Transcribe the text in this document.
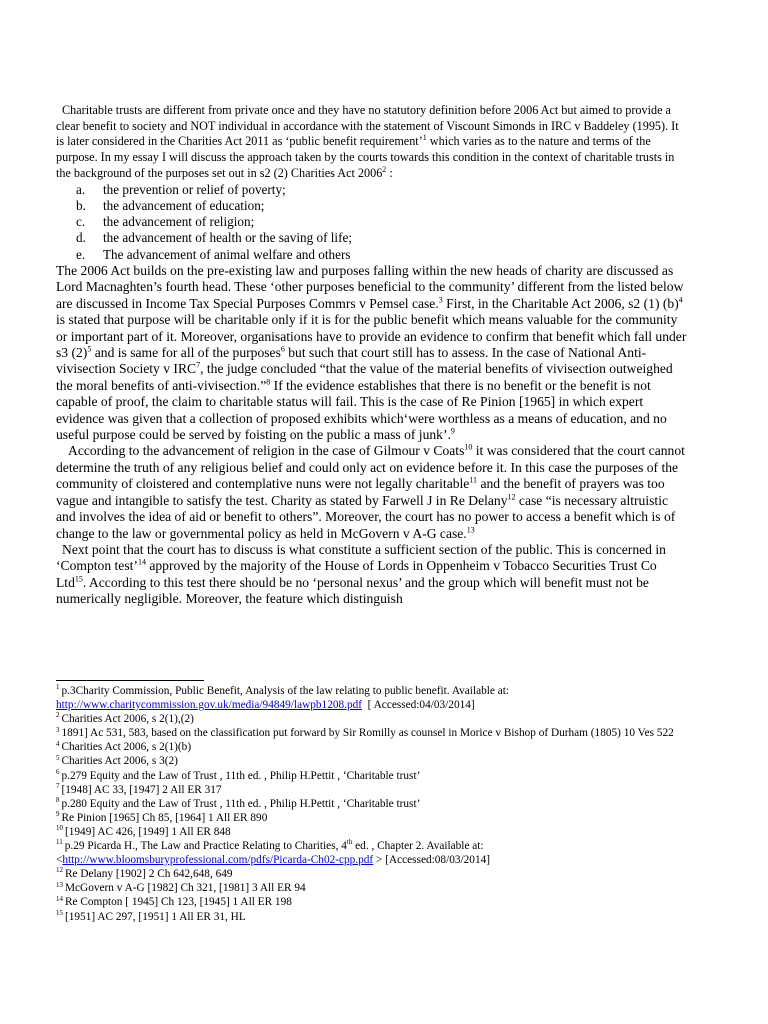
Charitable trusts are different from private once and they have no statutory definition before 2006 Act but aimed to provide a clear benefit to society and NOT individual in accordance with the statement of Viscount Simonds in IRC v Baddeley (1995). It is later considered in the Charities Act 2011 as ‘public benefit requirement’$^1$ which varies as to the nature and terms of the purpose. In my essay I will discuss the approach taken by the courts towards this condition in the context of charitable trusts in the background of the purposes set out in s2 (2) Charities Act 2006$^2$ :

a.	the prevention or relief of poverty;
b.	the advancement of education;
c.	the advancement of religion;
d.	the advancement of health or the saving of life;
e.	The advancement of animal welfare and others

The 2006 Act builds on the pre-existing law and purposes falling within the new heads of charity are discussed as Lord Macnaghten’s fourth head. These ‘other purposes beneficial to the community’ different from the listed below are discussed in Income Tax Special Purposes Commrs v Pemsel case.$^3$ First, in the Charitable Act 2006, s2 (1) $(b)^4$ is stated that purpose will be charitable only if it is for the public benefit which means valuable for the community or important part of it. Moreover, organisations have to provide an evidence to confirm that benefit which fall under s3 $(2)^5$ and is same for all of the purposes$^6$ but such that court still has to assess. In the case of National Anti-vivisection Society v IRC$^7$, the judge concluded “that the value of the material benefits of vivisection outweighed the moral benefits of anti-vivisection.”$^8$ If the evidence establishes that there is no benefit or the benefit is not capable of proof, the claim to charitable status will fail. This is the case of Re Pinion [1965] in which expert evidence was given that a collection of proposed exhibits which‘were worthless as a means of education, and no useful purpose could be served by foisting on the public a mass of junk’.$^9$

According to the advancement of religion in the case of Gilmour v Coats$^{10}$ it was considered that the court cannot determine the truth of any religious belief and could only act on evidence before it. In this case the purposes of the community of cloistered and contemplative nuns were not legally charitable$^{11}$ and the benefit of prayers was too vague and intangible to satisfy the test. Charity as stated by Farwell J in Re Delany$^{12}$ case “is necessary altruistic and involves the idea of aid or benefit to others”. Moreover, the court has no power to access a benefit which is of change to the law or governmental policy as held in McGovern v A-G case.$^{13}$

Next point that the court has to discuss is what constitute a sufficient section of the public. This is concerned in ‘Compton test’$^{14}$ approved by the majority of the House of Lords in Oppenheim v Tobacco Securities Trust Co Ltd$^{15}$. According to this test there should be no ‘personal nexus’ and the group which will benefit must not be numerically negligible. Moreover, the feature which distinguish

$^1$ p.3Charity Commission, Public Benefit, Analysis of the law relating to public benefit. Available at:
http://www.charitycommission.gov.uk/media/94849/lawpb1208.pdf  [ Accessed:04/03/2014]

$^2$ Charities Act 2006, s 2(1),(2)

$^3$ 1891] Ac 531, 583, based on the classification put forward by Sir Romilly as counsel in Morice v Bishop of Durham (1805) 10 Ves 522

$^4$ Charities Act 2006, s 2(1)(b)

$^5$ Charities Act 2006, s 3(2)

$^6$ p.279 Equity and the Law of Trust , 11th ed. , Philip H.Pettit , ‘Charitable trust’

$^7$ [1948] AC 33, [1947] 2 All ER 317

$^8$ p.280 Equity and the Law of Trust , 11th ed. , Philip H.Pettit , ‘Charitable trust’

$^9$ Re Pinion [1965] Ch 85, [1964] 1 All ER 890

$^{10}$ [1949] AC 426, [1949] 1 All ER 848

$^{11}$ p.29 Picarda H., The Law and Practice Relating to Charities, 4th ed. , Chapter 2. Available at:
<http://www.bloomsburyprofessional.com/pdfs/Picarda-Ch02-cpp.pdf > [Accessed:08/03/2014]

$^{12}$ Re Delany [1902] 2 Ch 642,648, 649

$^{13}$ McGovern v A-G [1982] Ch 321, [1981] 3 All ER 94

$^{14}$ Re Compton [ 1945] Ch 123, [1945] 1 All ER 198

$^{15}$ [1951] AC 297, [1951] 1 All ER 31, HL
